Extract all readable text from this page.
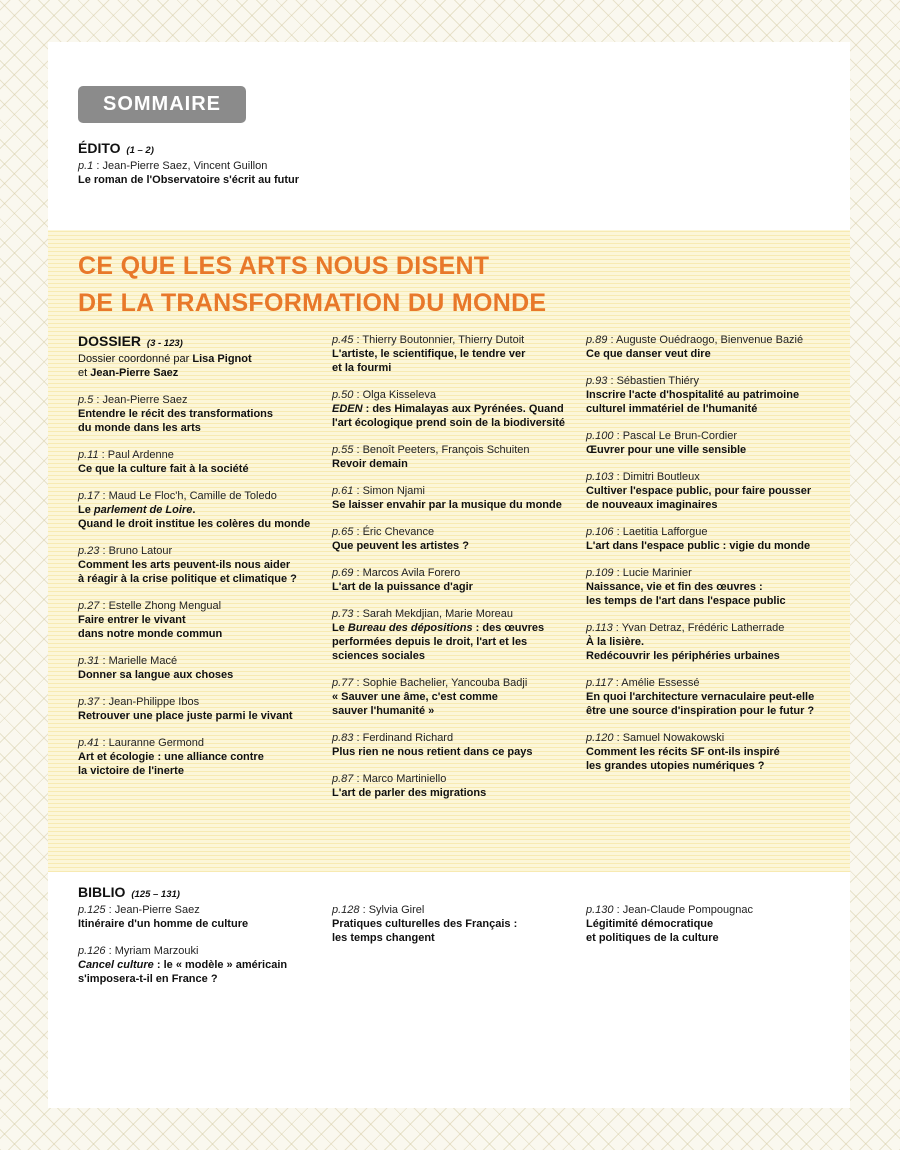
SOMMAIRE
ÉDITO (1 – 2)
p.1 : Jean-Pierre Saez, Vincent Guillon
Le roman de l'Observatoire s'écrit au futur
CE QUE LES ARTS NOUS DISENT
DE LA TRANSFORMATION DU MONDE
DOSSIER (3 - 123)
Dossier coordonné par Lisa Pignot
et Jean-Pierre Saez
p.5 : Jean-Pierre Saez
Entendre le récit des transformations
du monde dans les arts
p.11 : Paul Ardenne
Ce que la culture fait à la société
p.17 : Maud Le Floc'h, Camille de Toledo
Le parlement de Loire.
Quand le droit institue les colères du monde
p.23 : Bruno Latour
Comment les arts peuvent-ils nous aider
à réagir à la crise politique et climatique ?
p.27 : Estelle Zhong Mengual
Faire entrer le vivant
dans notre monde commun
p.31 : Marielle Macé
Donner sa langue aux choses
p.37 : Jean-Philippe Ibos
Retrouver une place juste parmi le vivant
p.41 : Lauranne Germond
Art et écologie : une alliance contre
la victoire de l'inerte
p.45 : Thierry Boutonnier, Thierry Dutoit
L'artiste, le scientifique, le tendre ver
et la fourmi
p.50 : Olga Kisseleva
EDEN : des Himalayas aux Pyrénées. Quand
l'art écologique prend soin de la biodiversité
p.55 : Benoît Peeters, François Schuiten
Revoir demain
p.61 : Simon Njami
Se laisser envahir par la musique du monde
p.65 : Éric Chevance
Que peuvent les artistes ?
p.69 : Marcos Avila Forero
L'art de la puissance d'agir
p.73 : Sarah Mekdjian, Marie Moreau
Le Bureau des dépositions : des œuvres
performées depuis le droit, l'art et les
sciences sociales
p.77 : Sophie Bachelier, Yancouba Badji
« Sauver une âme, c'est comme
sauver l'humanité »
p.83 : Ferdinand Richard
Plus rien ne nous retient dans ce pays
p.87 : Marco Martiniello
L'art de parler des migrations
p.89 : Auguste Ouédraogo, Bienvenue Bazié
Ce que danser veut dire
p.93 : Sébastien Thiéry
Inscrire l'acte d'hospitalité au patrimoine
culturel immatériel de l'humanité
p.100 : Pascal Le Brun-Cordier
Œuvrer pour une ville sensible
p.103 : Dimitri Boutleux
Cultiver l'espace public, pour faire pousser
de nouveaux imaginaires
p.106 : Laetitia Lafforgue
L'art dans l'espace public : vigie du monde
p.109 : Lucie Marinier
Naissance, vie et fin des œuvres :
les temps de l'art dans l'espace public
p.113 : Yvan Detraz, Frédéric Latherrade
À la lisière.
Redécouvrir les périphéries urbaines
p.117 : Amélie Essessé
En quoi l'architecture vernaculaire peut-elle
être une source d'inspiration pour le futur ?
p.120 : Samuel Nowakowski
Comment les récits SF ont-ils inspiré
les grandes utopies numériques ?
BIBLIO (125 – 131)
p.125 : Jean-Pierre Saez
Itinéraire d'un homme de culture
p.126 : Myriam Marzouki
Cancel culture : le « modèle » américain
s'imposera-t-il en France ?
p.128 : Sylvia Girel
Pratiques culturelles des Français :
les temps changent
p.130 : Jean-Claude Pompougnac
Légitimité démocratique
et politiques de la culture
